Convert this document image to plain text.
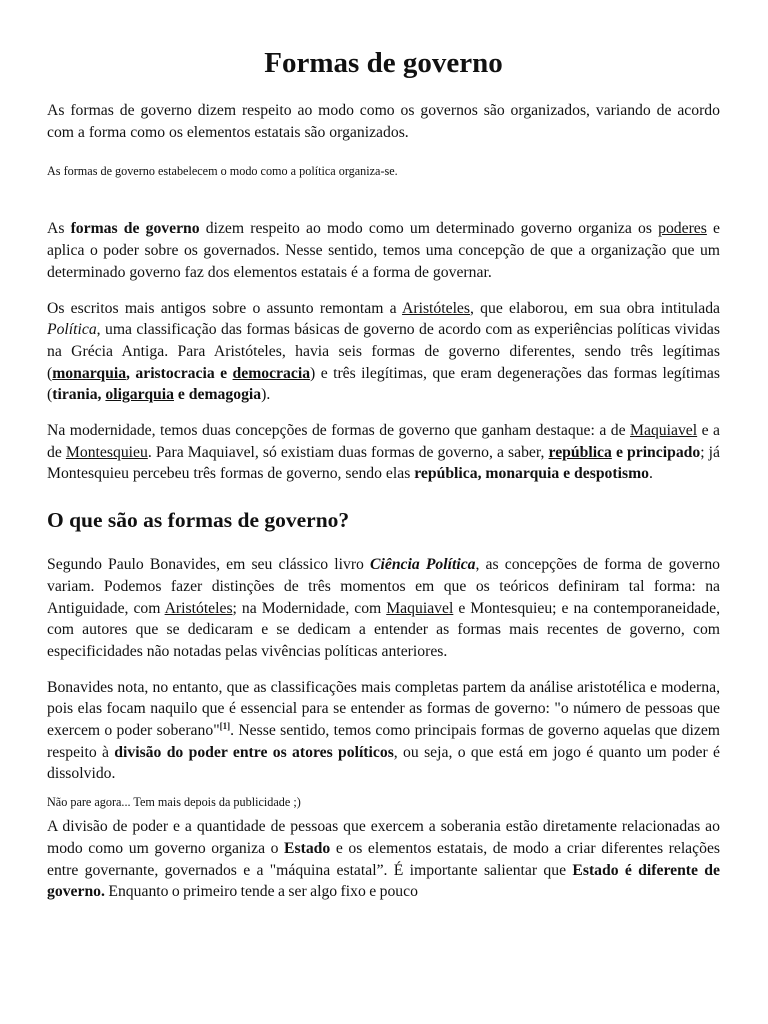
Formas de governo

As formas de governo dizem respeito ao modo como os governos são organizados, variando de acordo com a forma como os elementos estatais são organizados.

As formas de governo estabelecem o modo como a política organiza-se.

As formas de governo dizem respeito ao modo como um determinado governo organiza os poderes e aplica o poder sobre os governados. Nesse sentido, temos uma concepção de que a organização que um determinado governo faz dos elementos estatais é a forma de governar.

Os escritos mais antigos sobre o assunto remontam a Aristóteles, que elaborou, em sua obra intitulada Política, uma classificação das formas básicas de governo de acordo com as experiências políticas vividas na Grécia Antiga. Para Aristóteles, havia seis formas de governo diferentes, sendo três legítimas (monarquia, aristocracia e democracia) e três ilegítimas, que eram degenerações das formas legítimas (tirania, oligarquia e demagogia).

Na modernidade, temos duas concepções de formas de governo que ganham destaque: a de Maquiavel e a de Montesquieu. Para Maquiavel, só existiam duas formas de governo, a saber, república e principado; já Montesquieu percebeu três formas de governo, sendo elas república, monarquia e despotismo.

O que são as formas de governo?

Segundo Paulo Bonavides, em seu clássico livro Ciência Política, as concepções de forma de governo variam. Podemos fazer distinções de três momentos em que os teóricos definiram tal forma: na Antiguidade, com Aristóteles; na Modernidade, com Maquiavel e Montesquieu; e na contemporaneidade, com autores que se dedicaram e se dedicam a entender as formas mais recentes de governo, com especificidades não notadas pelas vivências políticas anteriores.

Bonavides nota, no entanto, que as classificações mais completas partem da análise aristotélica e moderna, pois elas focam naquilo que é essencial para se entender as formas de governo: "o número de pessoas que exercem o poder soberano"[1]. Nesse sentido, temos como principais formas de governo aquelas que dizem respeito à divisão do poder entre os atores políticos, ou seja, o que está em jogo é quanto um poder é dissolvido.

Não pare agora... Tem mais depois da publicidade ;)

A divisão de poder e a quantidade de pessoas que exercem a soberania estão diretamente relacionadas ao modo como um governo organiza o Estado e os elementos estatais, de modo a criar diferentes relações entre governante, governados e a "máquina estatal”. É importante salientar que Estado é diferente de governo. Enquanto o primeiro tende a ser algo fixo e pouco
